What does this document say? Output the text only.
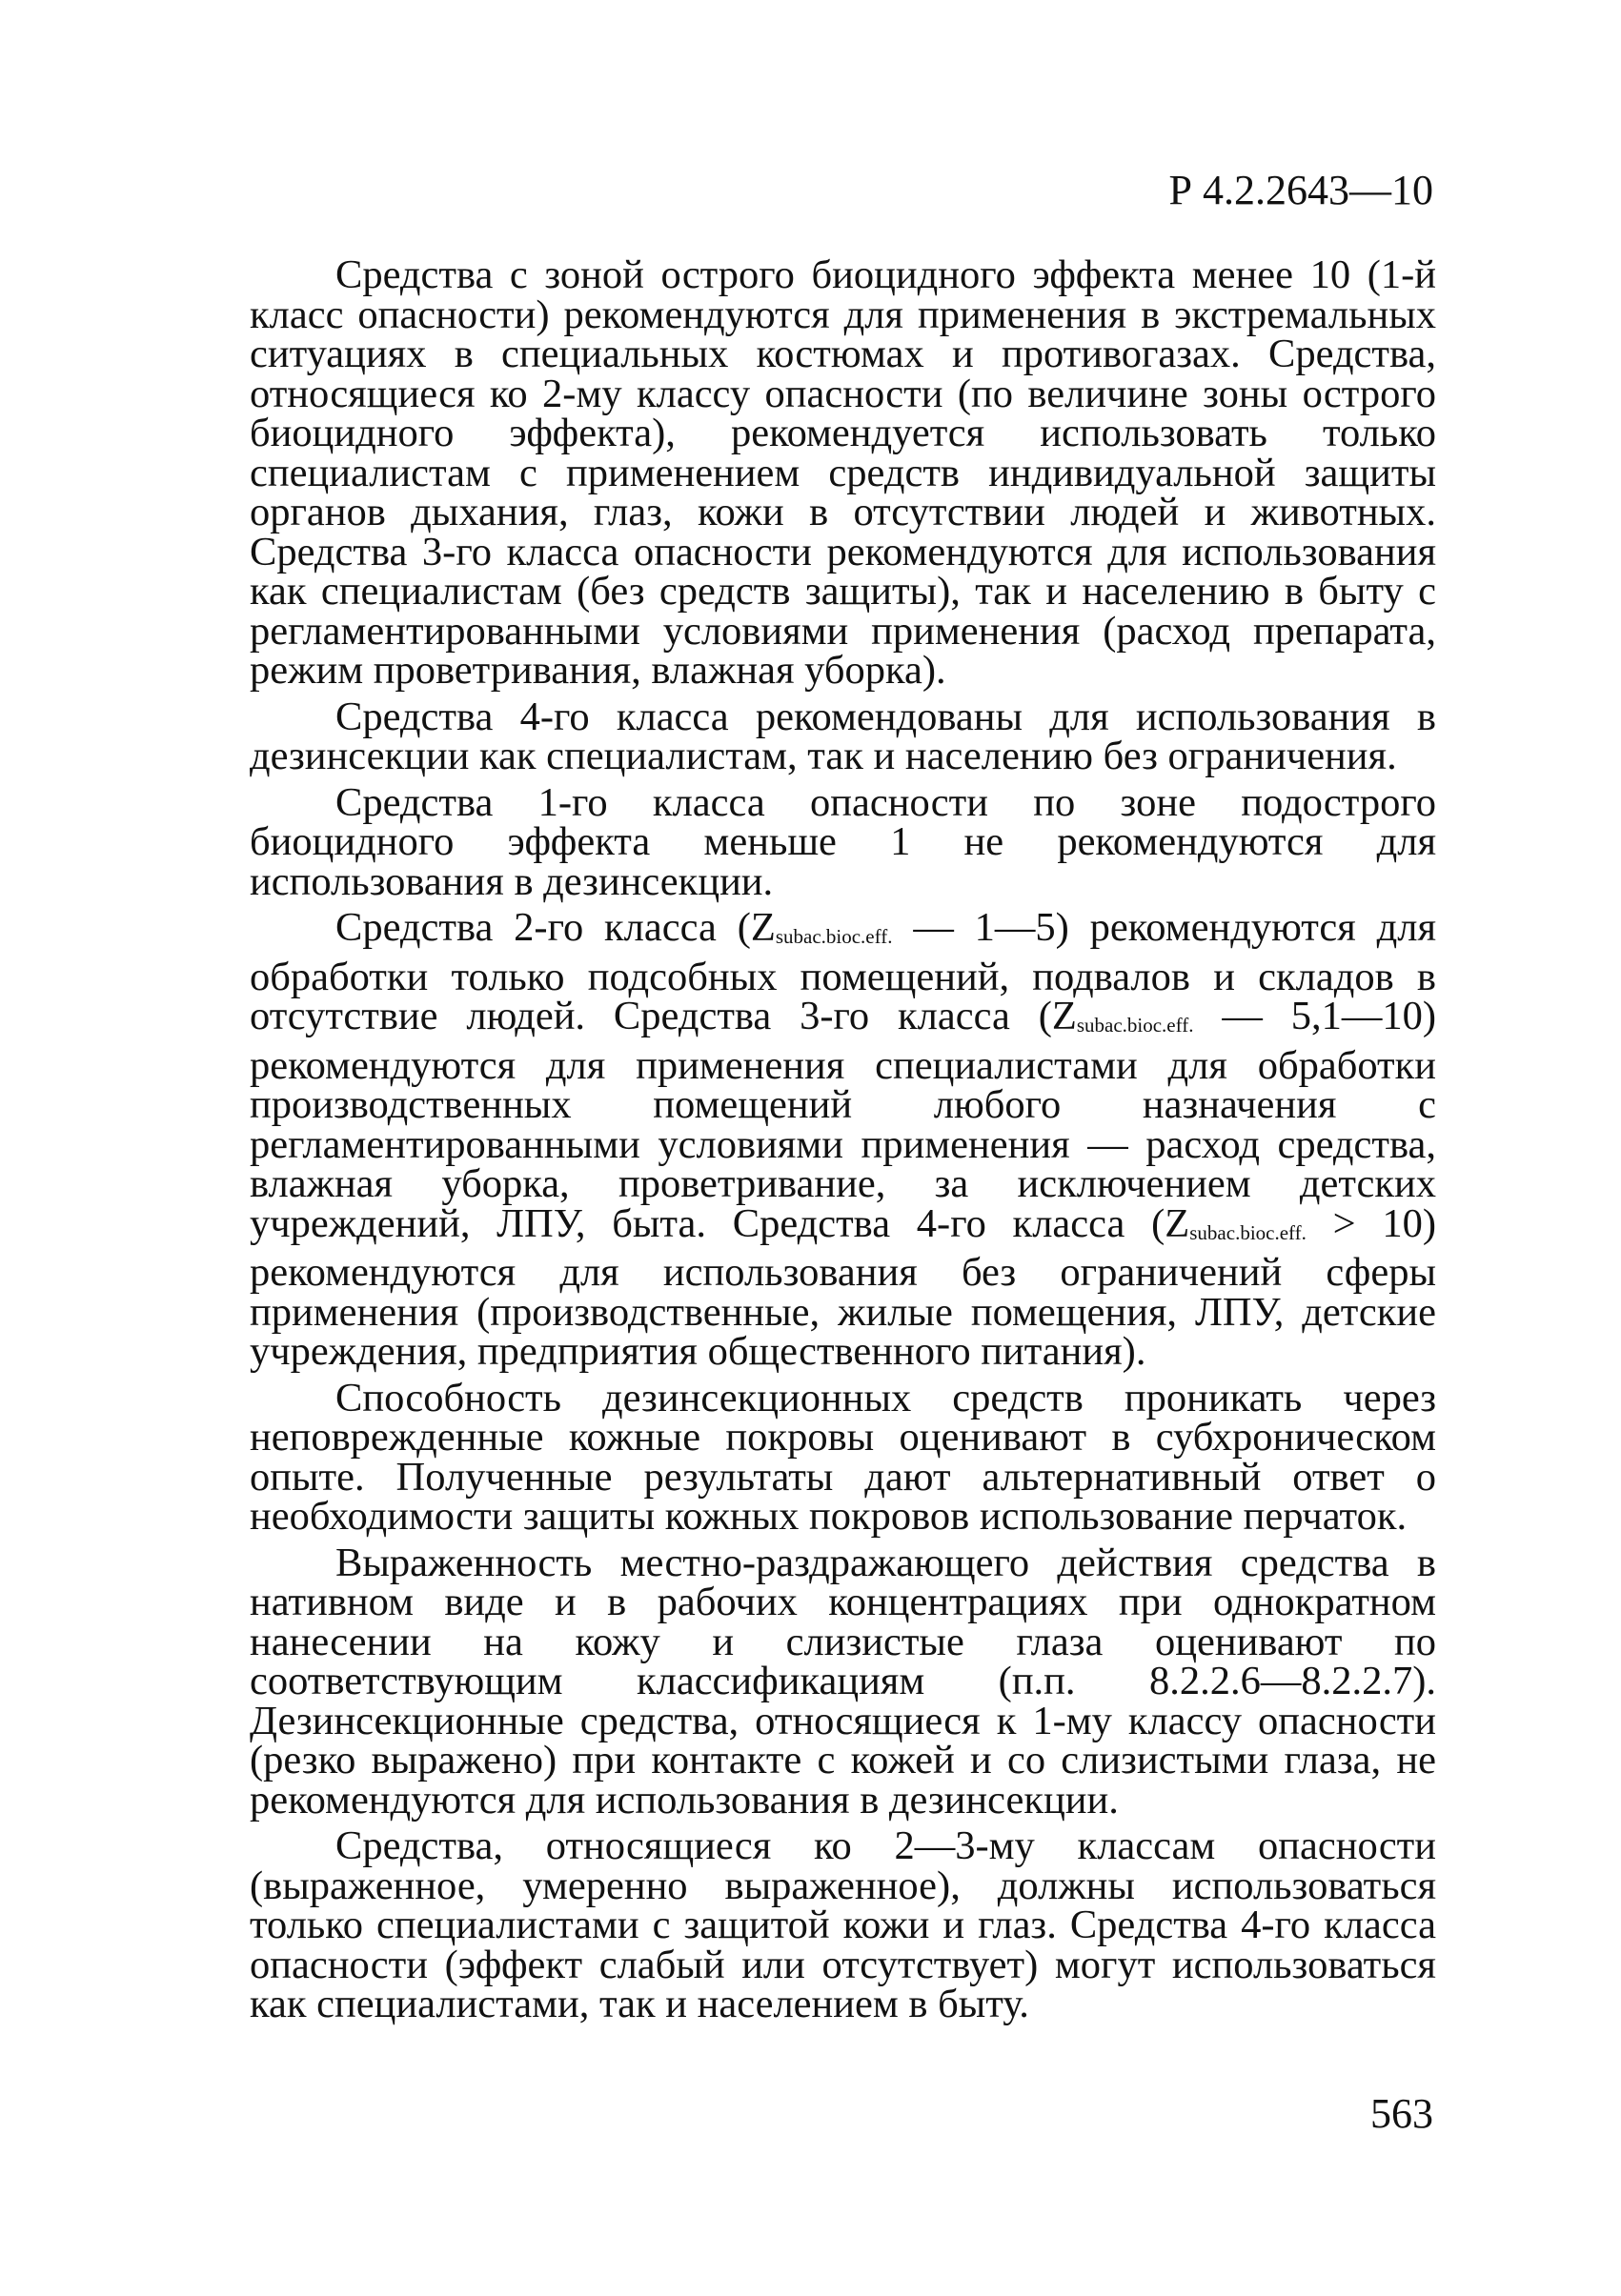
Р 4.2.2643—10

Средства с зоной острого биоцидного эффекта менее 10 (1-й класс опасности) рекомендуются для применения в экстремальных ситуациях в специальных костюмах и противогазах. Средства, относящиеся ко 2-му классу опасности (по величине зоны острого биоцидного эффекта), рекомендуется использовать только специалистам с применением средств индивидуальной защиты органов дыхания, глаз, кожи в отсутствии людей и животных. Средства 3-го класса опасности рекомендуются для использования как специалистам (без средств защиты), так и населению в быту с регламентированными условиями применения (расход препарата, режим проветривания, влажная уборка).

Средства 4-го класса рекомендованы для использования в дезинсекции как специалистам, так и населению без ограничения.

Средства 1-го класса опасности по зоне подострого биоцидного эффекта меньше 1 не рекомендуются для использования в дезинсекции.

Средства 2-го класса ($Z_{subac.bioc.eff.}$ — 1—5) рекомендуются для обработки только подсобных помещений, подвалов и складов в отсутствие людей. Средства 3-го класса ($Z_{subac.bioc.eff.}$ — 5,1—10) рекомендуются для применения специалистами для обработки производственных помещений любого назначения с регламентированными условиями применения — расход средства, влажная уборка, проветривание, за исключением детских учреждений, ЛПУ, быта. Средства 4-го класса $(Z_{subac.bioc.eff.} > 10)$ рекомендуются для использования без ограничений сферы применения (производственные, жилые помещения, ЛПУ, детские учреждения, предприятия общественного питания).

Способность дезинсекционных средств проникать через неповрежденные кожные покровы оценивают в субхроническом опыте. Полученные результаты дают альтернативный ответ о необходимости защиты кожных покровов использование перчаток.

Выраженность местно-раздражающего действия средства в нативном виде и в рабочих концентрациях при однократном нанесении на кожу и слизистые глаза оценивают по соответствующим классификациям (п.п. 8.2.2.6—8.2.2.7). Дезинсекционные средства, относящиеся к 1-му классу опасности (резко выражено) при контакте с кожей и со слизистыми глаза, не рекомендуются для использования в дезинсекции.

Средства, относящиеся ко 2—3-му классам опасности (выраженное, умеренно выраженное), должны использоваться только специалистами с защитой кожи и глаз. Средства 4-го класса опасности (эффект слабый или отсутствует) могут использоваться как специалистами, так и населением в быту.

563
